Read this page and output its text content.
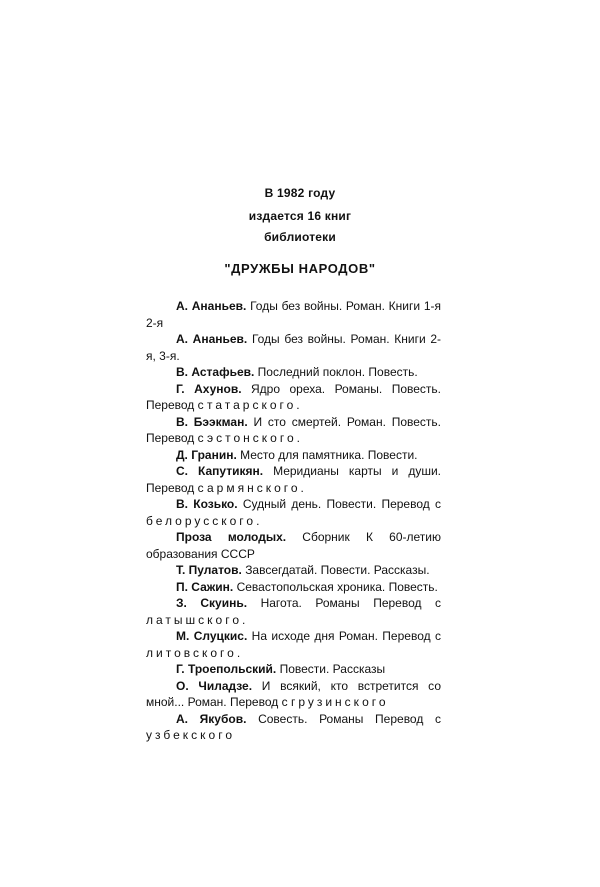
В 1982 году
издается 16 книг
библиотеки
"ДРУЖБЫ НАРОДОВ"

А. Ананьев. Годы без войны. Роман. Книги 1-я 2-я

А. Ананьев. Годы без войны. Роман. Книги 2-я, 3-я.

В. Астафьев. Последний поклон. Повесть.

Г. Ахунов. Ядро ореха. Романы. Повесть. Перевод с татарского.

В. Бээкман. И сто смертей. Роман. Повесть. Перевод с эстонского.

Д. Гранин. Место для памятника. Повести.

С. Капутикян. Меридианы карты и души. Перевод с армянского.

В. Козько. Судный день. Повести. Перевод с белорусского.

Проза молодых. Сборник К 60-летию образования СССР

Т. Пулатов. Завсегдатай. Повести. Рассказы.

П. Сажин. Севастопольская хроника. Повесть.

З. Скуинь. Нагота. Романы Перевод с латышского.

М. Слуцкис. На исходе дня Роман. Перевод с литовского.

Г. Троепольский. Повести. Рассказы

О. Чиладзе. И всякий, кто встретится со мной... Роман. Перевод с грузинского

А. Якубов. Совесть. Романы Перевод с узбекского
